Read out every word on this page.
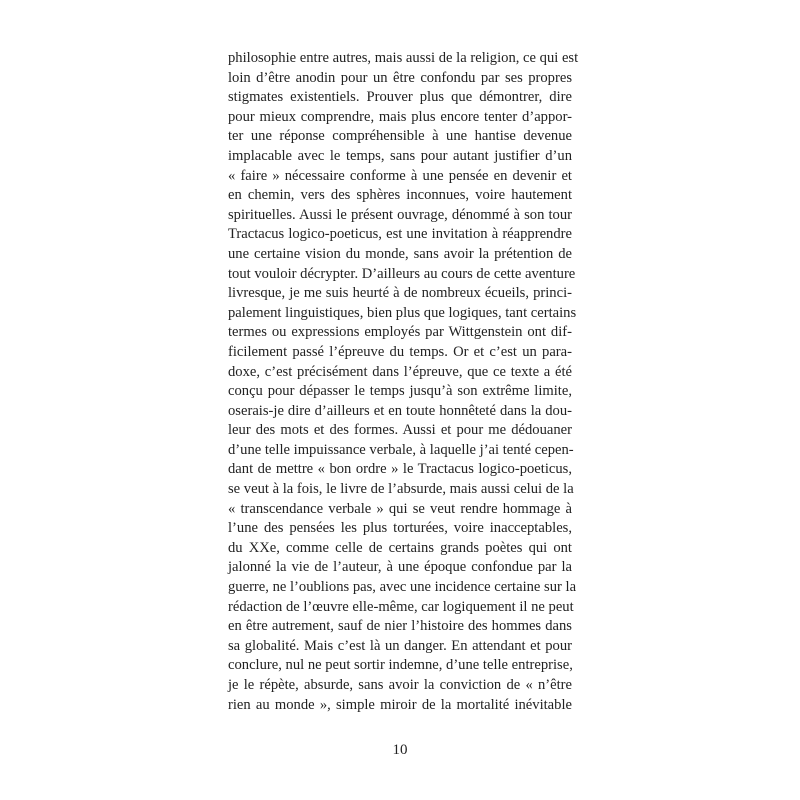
philosophie entre autres, mais aussi de la religion, ce qui est
loin d’être anodin pour un être confondu par ses propres
stigmates existentiels. Prouver plus que démontrer, dire
pour mieux comprendre, mais plus encore tenter d’appor-
ter une réponse compréhensible à une hantise devenue
implacable avec le temps, sans pour autant justifier d’un
« faire » nécessaire conforme à une pensée en devenir et
en chemin, vers des sphères inconnues, voire hautement
spirituelles. Aussi le présent ouvrage, dénommé à son tour
Tractacus logico-poeticus, est une invitation à réapprendre
une certaine vision du monde, sans avoir la prétention de
tout vouloir décrypter. D’ailleurs au cours de cette aventure
livresque, je me suis heurté à de nombreux écueils, princi-
palement linguistiques, bien plus que logiques, tant certains
termes ou expressions employés par Wittgenstein ont dif-
ficilement passé l’épreuve du temps. Or et c’est un para-
doxe, c’est précisément dans l’épreuve, que ce texte a été
conçu pour dépasser le temps jusqu’à son extrême limite,
oserais-je dire d’ailleurs et en toute honnêteté dans la dou-
leur des mots et des formes. Aussi et pour me dédouaner
d’une telle impuissance verbale, à laquelle j’ai tenté cepen-
dant de mettre « bon ordre » le Tractacus logico-poeticus,
se veut à la fois, le livre de l’absurde, mais aussi celui de la
« transcendance verbale » qui se veut rendre hommage à
l’une des pensées les plus torturées, voire inacceptables,
du XXe, comme celle de certains grands poètes qui ont
jalonné la vie de l’auteur, à une époque confondue par la
guerre, ne l’oublions pas, avec une incidence certaine sur la
rédaction de l’œuvre elle-même, car logiquement il ne peut
en être autrement, sauf de nier l’histoire des hommes dans
sa globalité. Mais c’est là un danger. En attendant et pour
conclure, nul ne peut sortir indemne, d’une telle entreprise,
je le répète, absurde, sans avoir la conviction de « n’être
rien au monde », simple miroir de la mortalité inévitable
10
